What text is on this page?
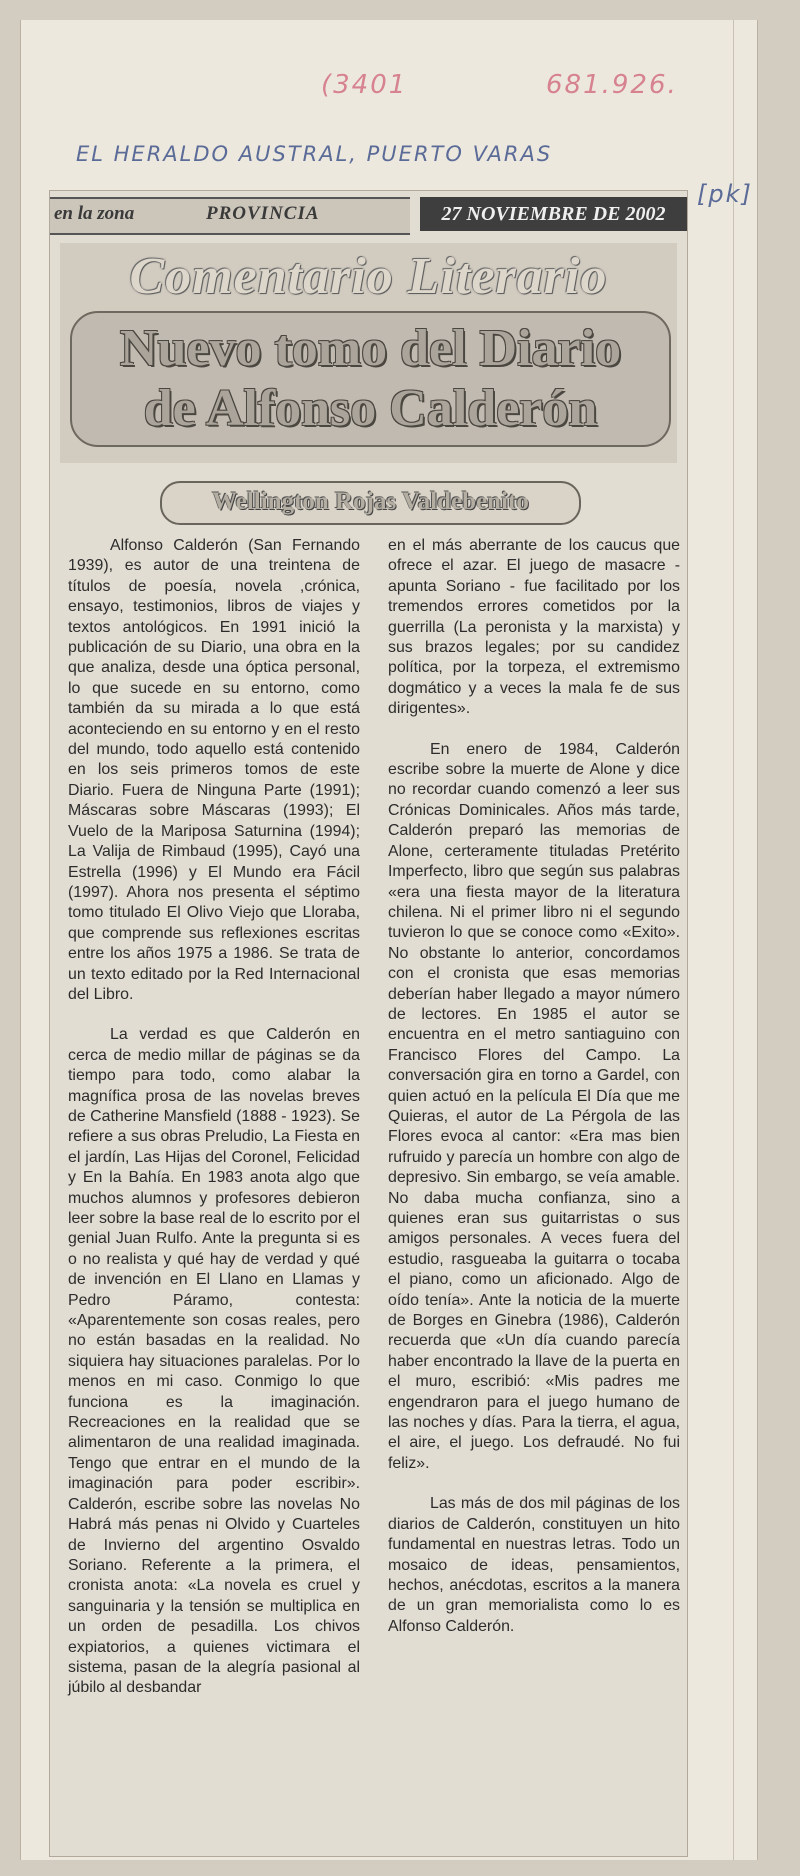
(3401	681.926.
EL HERALDO AUSTRAL, PUERTO VARAS
[pk]
en la zona	PROVINCIA	27 NOVIEMBRE DE 2002
Comentario Literario
Nuevo tomo del Diario
de Alfonso Calderón
Wellington Rojas Valdebenito

Alfonso Calderón (San Fernando 1939), es autor de una treintena de títulos de poesía, novela ,crónica, ensayo, testimonios, libros de viajes y textos antológicos. En 1991 inició la publicación de su Diario, una obra en la que analiza, desde una óptica personal, lo que sucede en su entorno, como también da su mirada a lo que está aconteciendo en su entorno y en el resto del mundo, todo aquello está contenido en los seis primeros tomos de este Diario. Fuera de Ninguna Parte (1991); Máscaras sobre Máscaras (1993); El Vuelo de la Mariposa Saturnina (1994); La Valija de Rimbaud (1995), Cayó una Estrella (1996) y El Mundo era Fácil (1997). Ahora nos presenta el séptimo tomo titulado El Olivo Viejo que Lloraba, que comprende sus reflexiones escritas entre los años 1975 a 1986. Se trata de un texto editado por la Red Internacional del Libro.

La verdad es que Calderón en cerca de medio millar de páginas se da tiempo para todo, como alabar la magnífica prosa de las novelas breves de Catherine Mansfield (1888 - 1923). Se refiere a sus obras Preludio, La Fiesta en el jardín, Las Hijas del Coronel, Felicidad y En la Bahía. En 1983 anota algo que muchos alumnos y profesores debieron leer sobre la base real de lo escrito por el genial Juan Rulfo. Ante la pregunta si es o no realista y qué hay de verdad y qué de invención en El Llano en Llamas y Pedro Páramo, contesta: «Aparentemente son cosas reales, pero no están basadas en la realidad. No siquiera hay situaciones paralelas. Por lo menos en mi caso. Conmigo lo que funciona es la imaginación. Recreaciones en la realidad que se alimentaron de una realidad imaginada. Tengo que entrar en el mundo de la imaginación para poder escribir». Calderón, escribe sobre las novelas No Habrá más penas ni Olvido y Cuarteles de Invierno del argentino Osvaldo Soriano. Referente a la primera, el cronista anota: «La novela es cruel y sanguinaria y la tensión se multiplica en un orden de pesadilla. Los chivos expiatorios, a quienes victimara el sistema, pasan de la alegría pasional al júbilo al desbandar

en el más aberrante de los caucus que ofrece el azar. El juego de masacre - apunta Soriano - fue facilitado por los tremendos errores cometidos por la guerrilla (La peronista y la marxista) y sus brazos legales; por su candidez política, por la torpeza, el extremismo dogmático y a veces la mala fe de sus dirigentes».

En enero de 1984, Calderón escribe sobre la muerte de Alone y dice no recordar cuando comenzó a leer sus Crónicas Dominicales. Años más tarde, Calderón preparó las memorias de Alone, certeramente tituladas Pretérito Imperfecto, libro que según sus palabras «era una fiesta mayor de la literatura chilena. Ni el primer libro ni el segundo tuvieron lo que se conoce como «Exito». No obstante lo anterior, concordamos con el cronista que esas memorias deberían haber llegado a mayor número de lectores. En 1985 el autor se encuentra en el metro santiaguino con Francisco Flores del Campo. La conversación gira en torno a Gardel, con quien actuó en la película El Día que me Quieras, el autor de La Pérgola de las Flores evoca al cantor: «Era mas bien rufruido y parecía un hombre con algo de depresivo. Sin embargo, se veía amable. No daba mucha confianza, sino a quienes eran sus guitarristas o sus amigos personales. A veces fuera del estudio, rasgueaba la guitarra o tocaba el piano, como un aficionado. Algo de oído tenía». Ante la noticia de la muerte de Borges en Ginebra (1986), Calderón recuerda que «Un día cuando parecía haber encontrado la llave de la puerta en el muro, escribió: «Mis padres me engendraron para el juego humano de las noches y días. Para la tierra, el agua, el aire, el juego. Los defraudé. No fui feliz».

Las más de dos mil páginas de los diarios de Calderón, constituyen un hito fundamental en nuestras letras. Todo un mosaico de ideas, pensamientos, hechos, anécdotas, escritos a la manera de un gran memorialista como lo es Alfonso Calderón.
